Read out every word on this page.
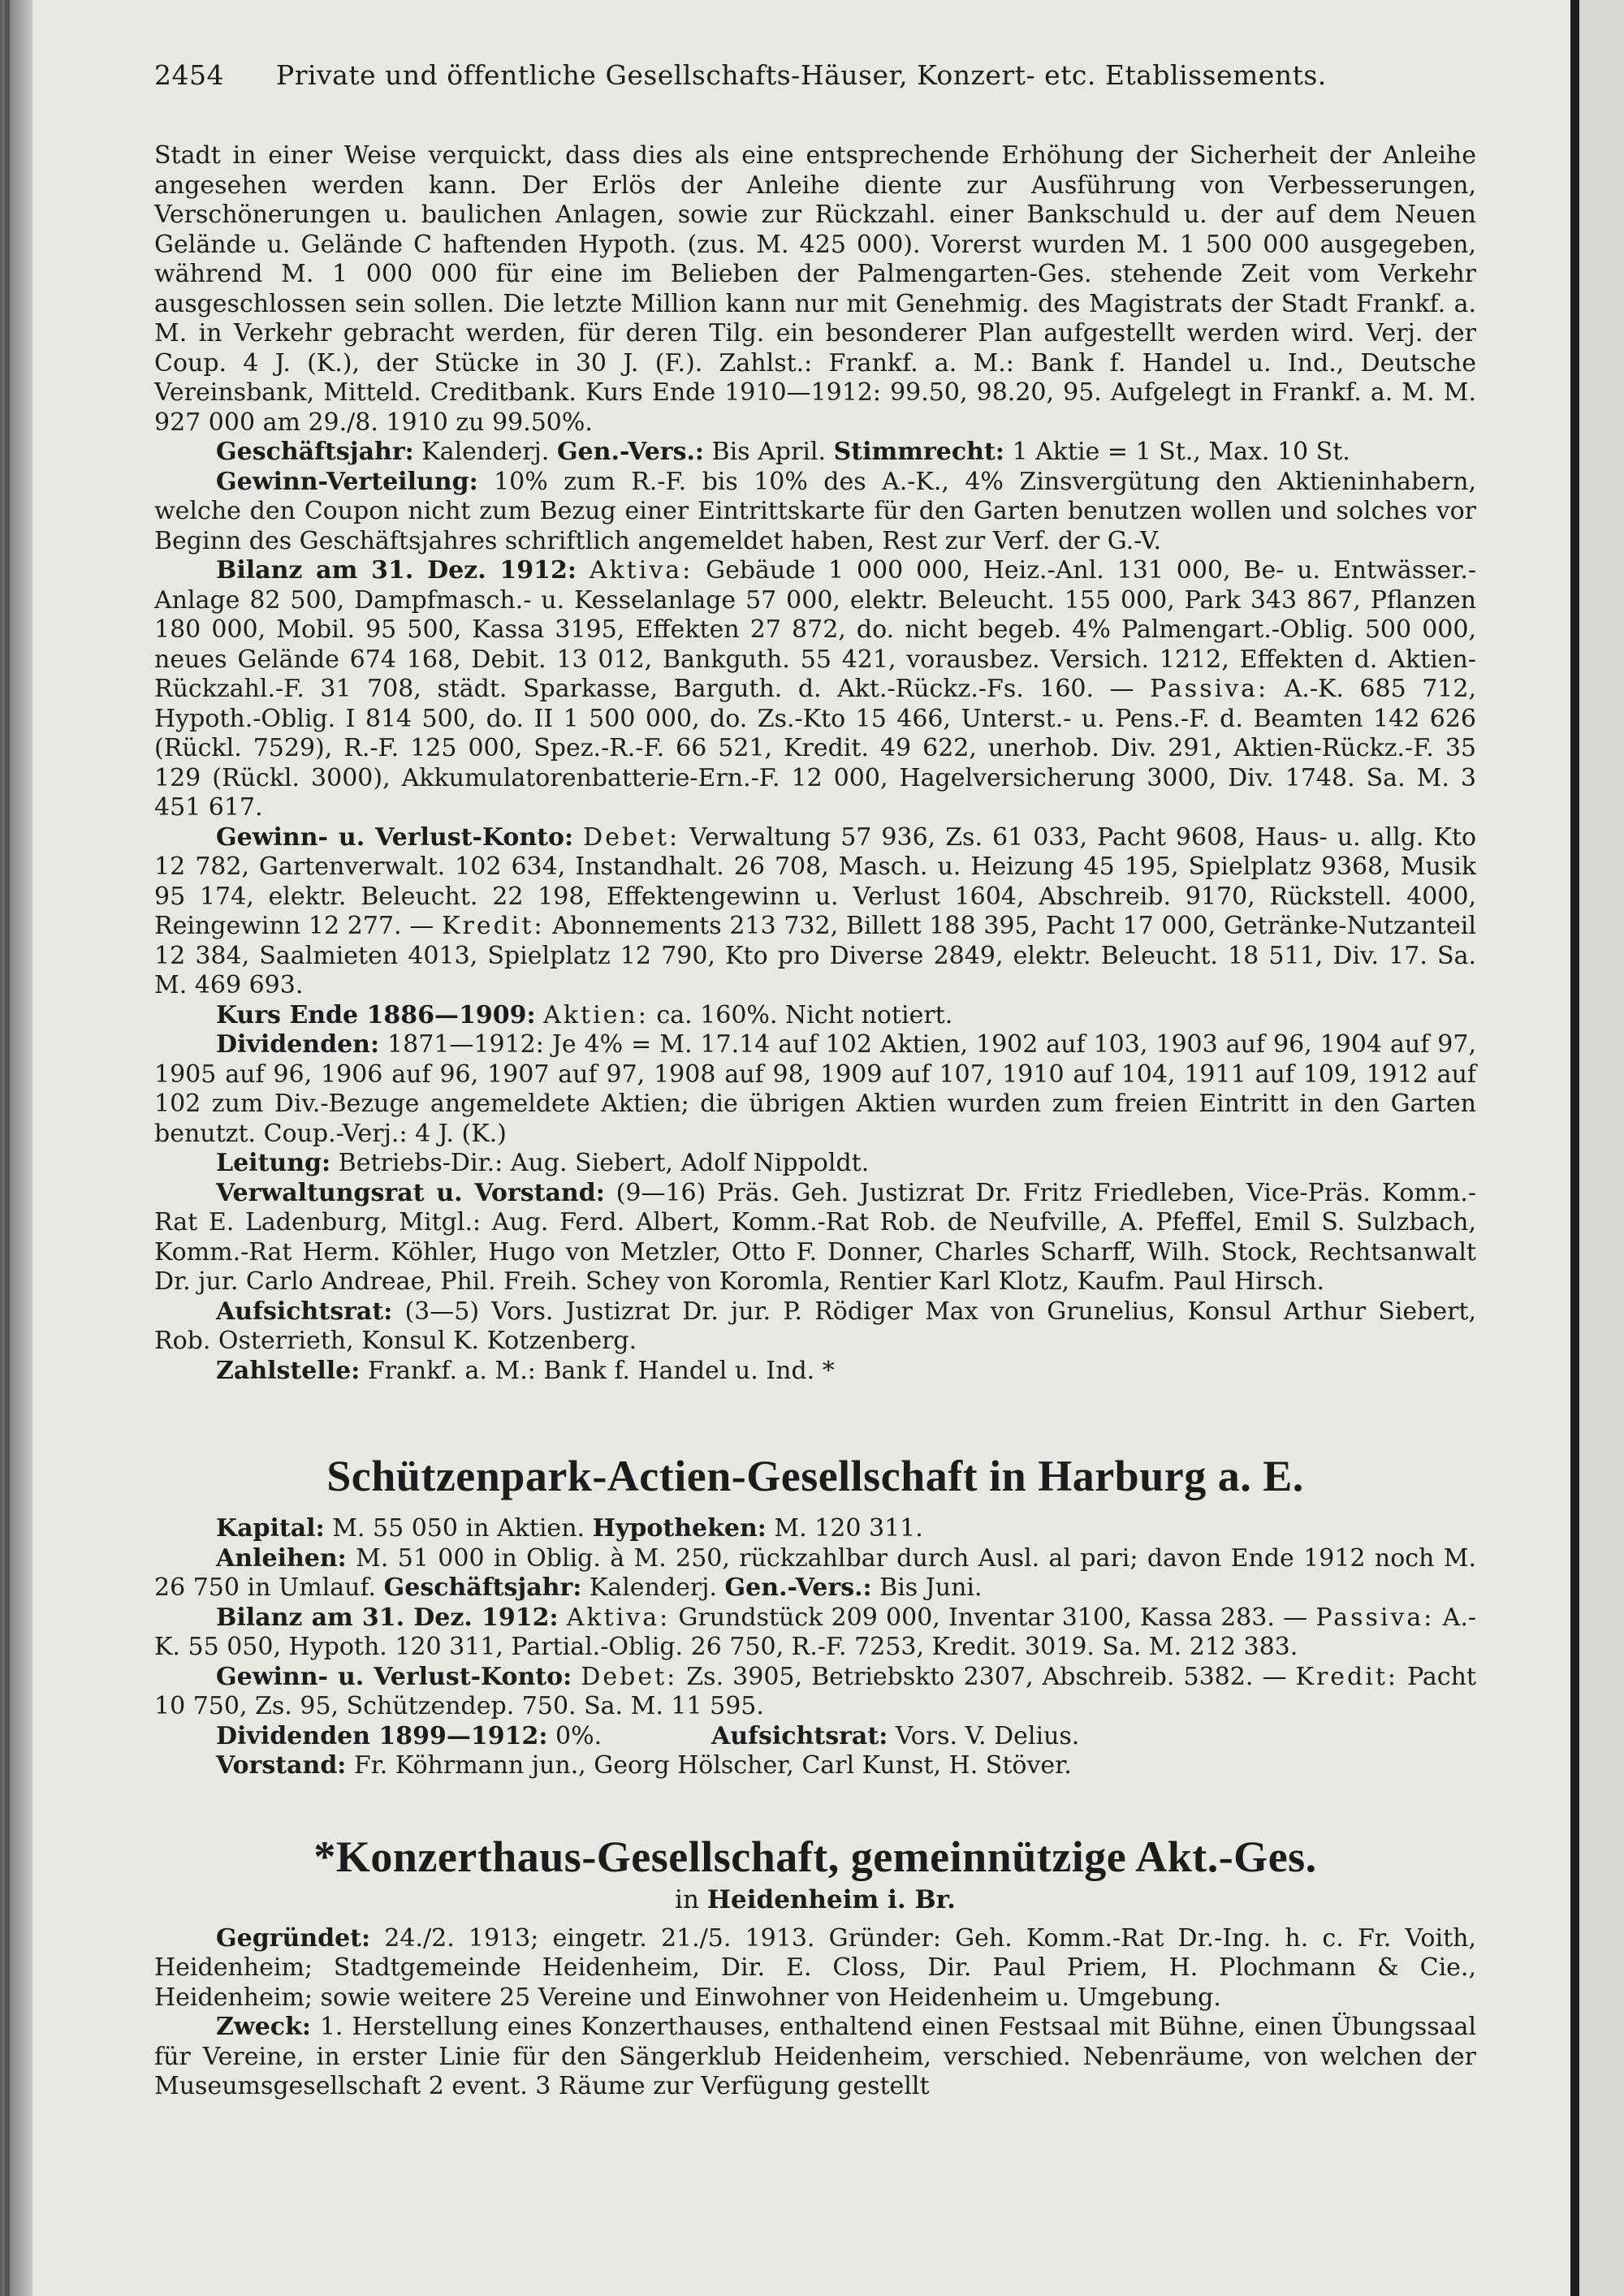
2454	Private und öffentliche Gesellschafts-Häuser, Konzert- etc. Etablissements.

Stadt in einer Weise verquickt, dass dies als eine entsprechende Erhöhung der Sicherheit der Anleihe angesehen werden kann. Der Erlös der Anleihe diente zur Ausführung von Verbesserungen, Verschönerungen u. baulichen Anlagen, sowie zur Rückzahl. einer Bankschuld u. der auf dem Neuen Gelände u. Gelände C haftenden Hypoth. (zus. M. 425 000). Vorerst wurden M. 1 500 000 ausgegeben, während M. 1 000 000 für eine im Belieben der Palmengarten-Ges. stehende Zeit vom Verkehr ausgeschlossen sein sollen. Die letzte Million kann nur mit Genehmig. des Magistrats der Stadt Frankf. a. M. in Verkehr gebracht werden, für deren Tilg. ein besonderer Plan aufgestellt werden wird. Verj. der Coup. 4 J. (K.), der Stücke in 30 J. (F.). Zahlst.: Frankf. a. M.: Bank f. Handel u. Ind., Deutsche Vereinsbank, Mitteld. Creditbank. Kurs Ende 1910—1912: 99.50, 98.20, 95. Aufgelegt in Frankf. a. M. M. 927 000 am 29./8. 1910 zu 99.50%.

Geschäftsjahr: Kalenderj. Gen.-Vers.: Bis April. Stimmrecht: 1 Aktie = 1 St., Max. 10 St.

Gewinn-Verteilung: 10% zum R.-F. bis 10% des A.-K., 4% Zinsvergütung den Aktieninhabern, welche den Coupon nicht zum Bezug einer Eintrittskarte für den Garten benutzen wollen und solches vor Beginn des Geschäftsjahres schriftlich angemeldet haben, Rest zur Verf. der G.-V.

Bilanz am 31. Dez. 1912: Aktiva: Gebäude 1 000 000, Heiz.-Anl. 131 000, Be- u. Entwässer.-Anlage 82 500, Dampfmasch.- u. Kesselanlage 57 000, elektr. Beleucht. 155 000, Park 343 867, Pflanzen 180 000, Mobil. 95 500, Kassa 3195, Effekten 27 872, do. nicht begeb. 4% Palmengart.-Oblig. 500 000, neues Gelände 674 168, Debit. 13 012, Bankguth. 55 421, vorausbez. Versich. 1212, Effekten d. Aktien-Rückzahl.-F. 31 708, städt. Sparkasse, Barguth. d. Akt.-Rückz.-Fs. 160. — Passiva: A.-K. 685 712, Hypoth.-Oblig. I 814 500, do. II 1 500 000, do. Zs.-Kto 15 466, Unterst.- u. Pens.-F. d. Beamten 142 626 (Rückl. 7529), R.-F. 125 000, Spez.-R.-F. 66 521, Kredit. 49 622, unerhob. Div. 291, Aktien-Rückz.-F. 35 129 (Rückl. 3000), Akkumulatorenbatterie-Ern.-F. 12 000, Hagelversicherung 3000, Div. 1748. Sa. M. 3 451 617.

Gewinn- u. Verlust-Konto: Debet: Verwaltung 57 936, Zs. 61 033, Pacht 9608, Haus- u. allg. Kto 12 782, Gartenverwalt. 102 634, Instandhalt. 26 708, Masch. u. Heizung 45 195, Spielplatz 9368, Musik 95 174, elektr. Beleucht. 22 198, Effektengewinn u. Verlust 1604, Abschreib. 9170, Rückstell. 4000, Reingewinn 12 277. — Kredit: Abonnements 213 732, Billett 188 395, Pacht 17 000, Getränke-Nutzanteil 12 384, Saalmieten 4013, Spielplatz 12 790, Kto pro Diverse 2849, elektr. Beleucht. 18 511, Div. 17. Sa. M. 469 693.

Kurs Ende 1886—1909: Aktien: ca. 160%. Nicht notiert.

Dividenden: 1871—1912: Je 4% = M. 17.14 auf 102 Aktien, 1902 auf 103, 1903 auf 96, 1904 auf 97, 1905 auf 96, 1906 auf 96, 1907 auf 97, 1908 auf 98, 1909 auf 107, 1910 auf 104, 1911 auf 109, 1912 auf 102 zum Div.-Bezuge angemeldete Aktien; die übrigen Aktien wurden zum freien Eintritt in den Garten benutzt. Coup.-Verj.: 4 J. (K.)

Leitung: Betriebs-Dir.: Aug. Siebert, Adolf Nippoldt.

Verwaltungsrat u. Vorstand: (9—16) Präs. Geh. Justizrat Dr. Fritz Friedleben, Vice-Präs. Komm.-Rat E. Ladenburg, Mitgl.: Aug. Ferd. Albert, Komm.-Rat Rob. de Neufville, A. Pfeffel, Emil S. Sulzbach, Komm.-Rat Herm. Köhler, Hugo von Metzler, Otto F. Donner, Charles Scharff, Wilh. Stock, Rechtsanwalt Dr. jur. Carlo Andreae, Phil. Freih. Schey von Koromla, Rentier Karl Klotz, Kaufm. Paul Hirsch.

Aufsichtsrat: (3—5) Vors. Justizrat Dr. jur. P. Rödiger Max von Grunelius, Konsul Arthur Siebert, Rob. Osterrieth, Konsul K. Kotzenberg.

Zahlstelle: Frankf. a. M.: Bank f. Handel u. Ind. *

Schützenpark-Actien-Gesellschaft in Harburg a. E.

Kapital: M. 55 050 in Aktien. Hypotheken: M. 120 311.

Anleihen: M. 51 000 in Oblig. à M. 250, rückzahlbar durch Ausl. al pari; davon Ende 1912 noch M. 26 750 in Umlauf. Geschäftsjahr: Kalenderj. Gen.-Vers.: Bis Juni.

Bilanz am 31. Dez. 1912: Aktiva: Grundstück 209 000, Inventar 3100, Kassa 283. — Passiva: A.-K. 55 050, Hypoth. 120 311, Partial.-Oblig. 26 750, R.-F. 7253, Kredit. 3019. Sa. M. 212 383.

Gewinn- u. Verlust-Konto: Debet: Zs. 3905, Betriebskto 2307, Abschreib. 5382. — Kredit: Pacht 10 750, Zs. 95, Schützendep. 750. Sa. M. 11 595.

Dividenden 1899—1912: 0%.	Aufsichtsrat: Vors. V. Delius.

Vorstand: Fr. Köhrmann jun., Georg Hölscher, Carl Kunst, H. Stöver.

*Konzerthaus-Gesellschaft, gemeinnützige Akt.-Ges.
in Heidenheim i. Br.

Gegründet: 24./2. 1913; eingetr. 21./5. 1913. Gründer: Geh. Komm.-Rat Dr.-Ing. h. c. Fr. Voith, Heidenheim; Stadtgemeinde Heidenheim, Dir. E. Closs, Dir. Paul Priem, H. Plochmann & Cie., Heidenheim; sowie weitere 25 Vereine und Einwohner von Heidenheim u. Umgebung.

Zweck: 1. Herstellung eines Konzerthauses, enthaltend einen Festsaal mit Bühne, einen Übungssaal für Vereine, in erster Linie für den Sängerklub Heidenheim, verschied. Nebenräume, von welchen der Museumsgesellschaft 2 event. 3 Räume zur Verfügung gestellt
